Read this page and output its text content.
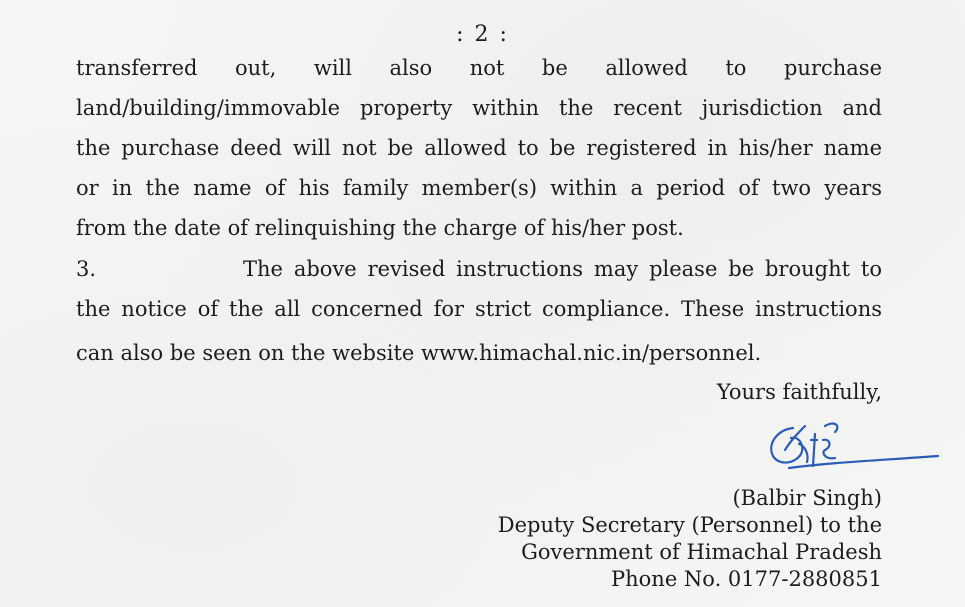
: 2 :
transferred out, will also not be allowed to purchase
land/building/immovable property within the recent jurisdiction and
the purchase deed will not be allowed to be registered in his/her name
or in the name of his family member(s) within a period of two years
from the date of relinquishing the charge of his/her post.
3.	The above revised instructions may please be brought to
the notice of the all concerned for strict compliance. These instructions
can also be seen on the website www.himachal.nic.in/personnel.
Yours faithfully,
(Balbir Singh)
Deputy Secretary (Personnel) to the
Government of Himachal Pradesh
Phone No. 0177-2880851
